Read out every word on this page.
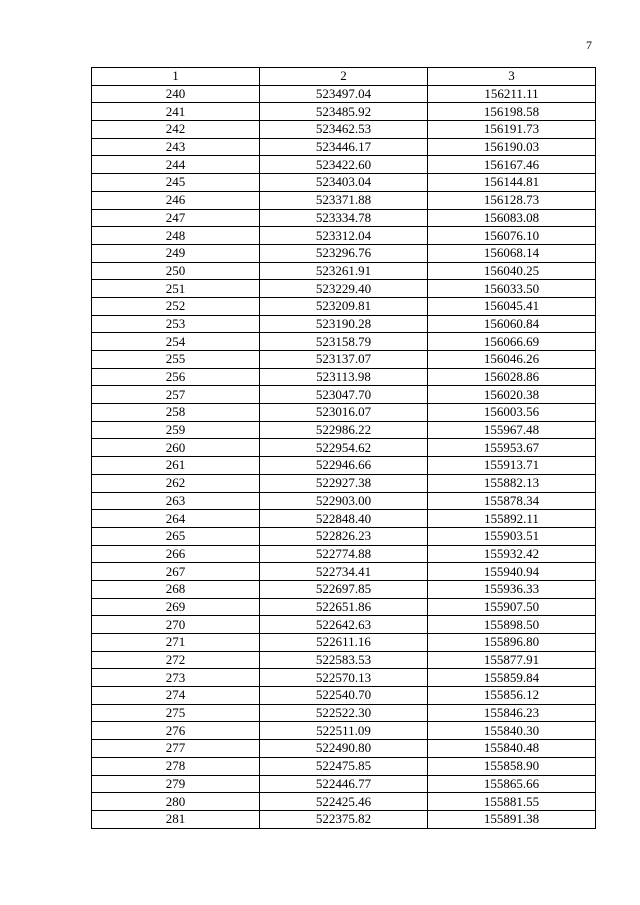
7
1	2	3
240	523497.04	156211.11
241	523485.92	156198.58
242	523462.53	156191.73
243	523446.17	156190.03
244	523422.60	156167.46
245	523403.04	156144.81
246	523371.88	156128.73
247	523334.78	156083.08
248	523312.04	156076.10
249	523296.76	156068.14
250	523261.91	156040.25
251	523229.40	156033.50
252	523209.81	156045.41
253	523190.28	156060.84
254	523158.79	156066.69
255	523137.07	156046.26
256	523113.98	156028.86
257	523047.70	156020.38
258	523016.07	156003.56
259	522986.22	155967.48
260	522954.62	155953.67
261	522946.66	155913.71
262	522927.38	155882.13
263	522903.00	155878.34
264	522848.40	155892.11
265	522826.23	155903.51
266	522774.88	155932.42
267	522734.41	155940.94
268	522697.85	155936.33
269	522651.86	155907.50
270	522642.63	155898.50
271	522611.16	155896.80
272	522583.53	155877.91
273	522570.13	155859.84
274	522540.70	155856.12
275	522522.30	155846.23
276	522511.09	155840.30
277	522490.80	155840.48
278	522475.85	155858.90
279	522446.77	155865.66
280	522425.46	155881.55
281	522375.82	155891.38
